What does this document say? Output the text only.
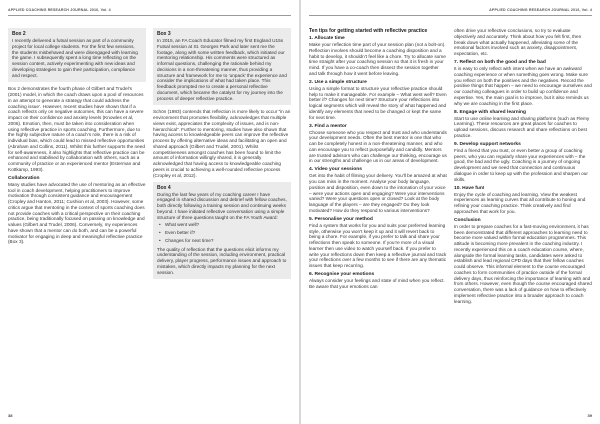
APPLIED COACHING RESEARCH JOURNAL 2016, Vol. 4
Box 2

I recently delivered a futsal session as part of a community project for local college students. For the first few sessions, the students misbehaved and were disengaged with learning the game. I subsequently spent a long time reflecting on the session content, actively experimenting with new ideas and developing strategies to gain their participation, compliance and respect.

Box 2 demonstrates the fourth phase of Gilbert and Trudel’s (2001) model, in which the coach draws upon a pool of resources in an attempt to generate a strategy that could address the coaching issue’. However, recent studies have shown that if a coach reflects only on negative outcomes, this can have a severe impact on their confidence and anxiety levels (Knowles et al, 2006). Emotion, then, must be taken into consideration when using reflective practice in sports coaching. Furthermore, due to the highly subjective nature of a coach’s role, there is a risk of individual bias, which could lead to missed reflective opportunities (Abraham and Collins, 2011). Whilst this further supports the need for self-awareness, it also highlights that reflective practice can be enhanced and stabilised by collaboration with others, such as a community of practice or an experienced mentor (Esterman and Kottkamp, 1993).

Collaboration

Many studies have advocated the use of mentoring as an effective tool in coach development, helping practitioners to improve motivation through consistent guidance and encouragement (Cropley and Hanton, 2011; Cushion et al, 2003). However, some critics argue that mentoring in the context of sports coaching does not provide coaches with a critical perspective on their coaching practice, being traditionally focused on passing on knowledge and values (Gilbert and Trudel, 2006). Conversely, my experiences have shown that a mentor can do both, and can be a powerful motivator for engaging in deep and meaningful reflective practice (Box 3).

Box 3

In 2015, an FA Coach Educator filmed my first England U15s Futsal session at St. Georges Park and later sent me the footage, along with some written feedback, which initiated our mentoring relationship. His comments were structured as informal questions, challenging the rationale behind my decisions in a non-threatening manner, thus providing a structure and framework for me to ‘unpack’ the experience and consider the implications of what had taken place. This feedback prompted me to create a personal reflective document, which became the catalyst for my journey into the process of deeper reflective practice.

Schön (1983) contends that reflection is more likely to occur “in an environment that promotes flexibility, acknowledges that multiple views exist, appreciates the complexity of issues, and is non-hierarchical”. Further to mentoring, studies have also shown that having access to knowledgeable peers can improve the reflective process by offering alternative ideas and facilitating an open and shared approach (Gilbert and Trudel, 2001). Whilst competitiveness amongst coaches has been found to limit the amount of information willingly shared, it is generally acknowledged that having access to knowledgeable coaching peers is crucial to achieving a well-rounded reflective process (Cropley et al, 2012).

Box 4

During the last few years of my coaching career I have engaged in shared discussion and debrief with fellow coaches, both directly following a training session and continuing weeks beyond. I have initiated reflective conversation using a simple structure of three questions taught on the FA Youth Award:

• What went well?
• Even better if?
• Changes for next time?

The quality of reflection that the questions elicit informs my understanding of the session, including environment, practical delivery, player progress, performance issues and approach to mistakes, which directly impacts my planning for the next session.

38
APPLIED COACHING RESEARCH JOURNAL 2016, Vol. 4
Ten tips for getting started with reflective practice
1. Allocate time

Make your reflection time part of your session plan (not a bolt-on). Reflection involves should become a coaching disposition and a habit to develop, it shouldn’t feel like a chore. Try to allocate some time straight after your coaching session so that it is fresh in your mind. If you have a co-coach then dissect the session together and talk through how it went before leaving.

2. Use a simple structure

Using a simple format to structure your reflective practice should help to make it manageable. For example – What went well? Even better if? Changes for next time? Structure your reflections into logical segments which will reveal the story of what happened and identify any elements that need to be changed or kept the same for next time.

3. Find a mentor

Choose someone who you respect and trust and who understands your development needs. Often the best mentor is one that who can be completely honest in a non-threatening manner, and who can encourage you to reflect purposefully and candidly. Mentors are trusted advisors who can challenge our thinking, encourage us in our strengths and challenge us in our areas of development.

4. Video your sessions

Get into the habit of filming your delivery. You’ll be amazed at what you can miss in the moment. Analyse your body language, position and disposition, even down to the intonation of your voice – were your actions open and engaging? Were your interventions varied? Were your questions open or closed? Look at the body language of the players – are they engaged? Do they look motivated? How do they respond to various interventions?

5. Personalise your method

Find a system that works for you and suits your preferred learning style, otherwise you won’t keep it up and it will revert back to being a chore. For example, if you prefer to talk and share your reflections then speak to someone. If you’re more of a visual learner then use video to watch yourself back. If you prefer to write your reflections down then keep a reflective journal and track your reflections over a few months to see if there are any thematic issues that keep recurring.

6. Recognise your emotions

Always consider your feelings and state of mind when you reflect. Be aware that your emotions can

often drive your reflective conclusions, so try to evaluate objectively and accurately. Think about how you felt first, then break down what actually happened, alleviating some of the emotional factors involved such as anxiety, disappointment, expectation, etc.

7. Reflect on both the good and the bad

It is easy to only reflect with intent when we have an awkward coaching experience or when something goes wrong. Make sure you reflect on both the positives and the negatives. Record the positive things that happen – we need to encourage ourselves and our coaching colleagues in order to build up confidence and expertise. Yes, the main goal is to improve, but it also reminds us why we are coaching in the first place.

8. Engage with shared learning

Start to use online learning and sharing platforms (such as Flemy Learning). These resources are great places for coaches to upload sessions, discuss research and share reflections on best practice.

9. Develop support networks

Find a friend that you trust, or even better a group of coaching peers, who you can regularly share your experiences with – the good, the bad and the ugly. Coaching is a journey of ongoing development and we need that connection and continuous dialogue in order to keep up with the profession and sharpen our skills.

10. Have fun!

Enjoy the cycle of coaching and learning. View the weakest experiences as learning curves that all contribute to honing and refining your coaching practice. Think creatively and find approaches that work for you.

Conclusion

In order to prepare coaches for a fast-moving environment, it has been demonstrated that different approaches to learning need to become more valued within formal education programmes. This attitude is becoming more prevalent in the coaching industry. I recently experienced this on a coach education course, where, alongside the formal learning tasks, candidates were asked to establish and lead regional CPD days that their fellow coaches could observe. This informal element to the course encouraged coaches to form communities of practice outside of the formal delivery days, thus reinforcing the importance of learning with and from others. However, even though the course encouraged shared conversation, there was a lack of guidance on how to effectively implement reflective practice into a broader approach to coach learning.

39
